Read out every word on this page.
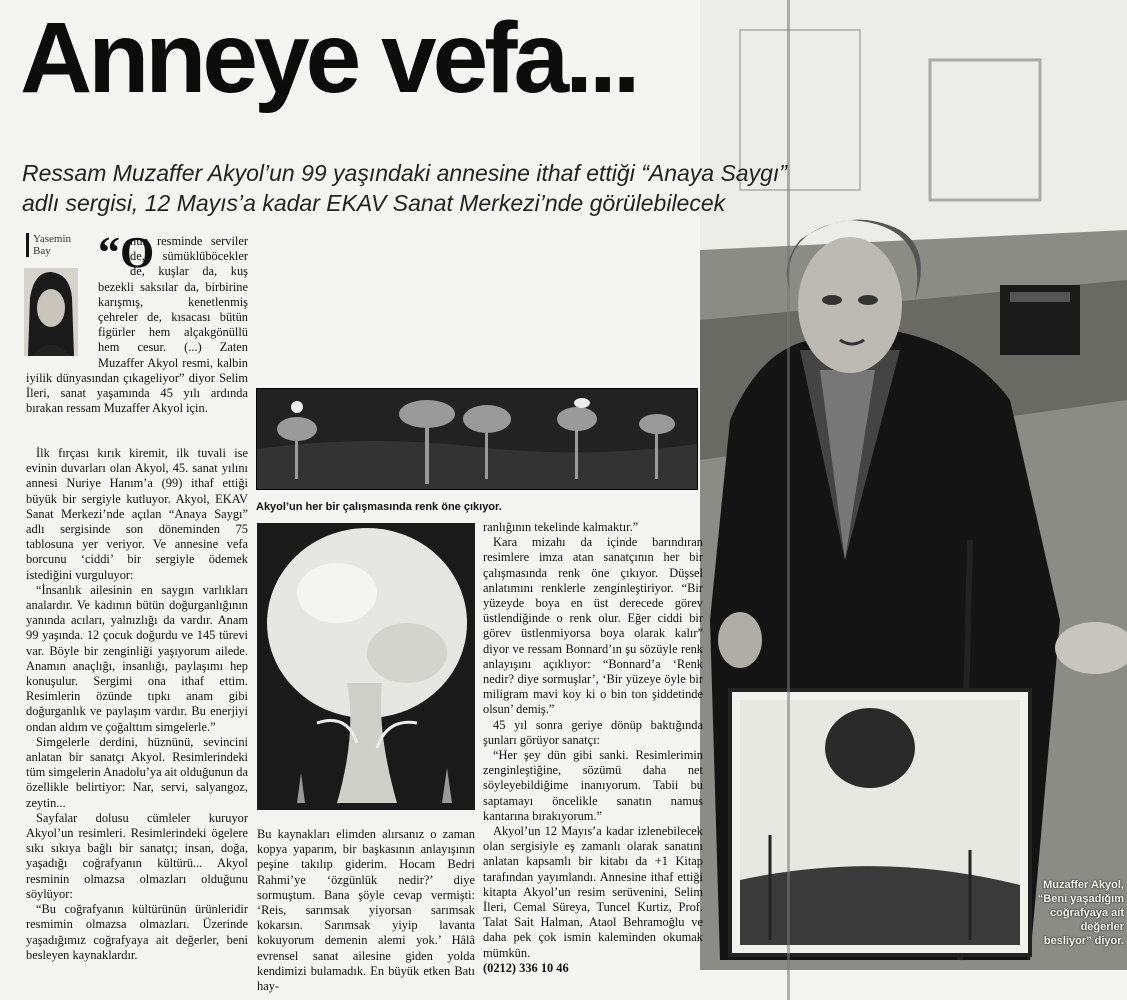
Anneye vefa...
Ressam Muzaffer Akyol’un 99 yaşındaki annesine ithaf ettiği “Anaya Saygı” adlı sergisi, 12 Mayıs’a kadar EKAV Sanat Merkezi’nde görülebilecek
Yasemin
Bay	“O

nun resminde serviler de, sümüklüböcekler de, kuşlar da, kuş bezekli saksılar da, birbirine karışmış, kenetlenmiş çehreler de, kısacası bütün figürler hem alçakgönüllü hem cesur. (...) Zaten Muzaffer Akyol resmi, kalbin iyilik dünyasından çıkageliyor” diyor Selim İleri, sanat yaşamında 45 yılı ardında bırakan ressam Muzaffer Akyol için.

İlk fırçası kırık kiremit, ilk tuvali ise evinin duvarları olan Akyol, 45. sanat yılını annesi Nuriye Hanım’a (99) ithaf ettiği büyük bir sergiyle kutluyor. Akyol, EKAV Sanat Merkezi’nde açılan “Anaya Saygı” adlı sergisinde son döneminden 75 tablosuna yer veriyor. Ve annesine vefa borcunu ‘ciddi’ bir sergiyle ödemek istediğini vurguluyor:

“İnsanlık ailesinin en saygın varlıkları analardır. Ve kadının bütün doğurganlığının yanında acıları, yalnızlığı da vardır. Anam 99 yaşında. 12 çocuk doğurdu ve 145 türevi var. Böyle bir zenginliği yaşıyorum ailede. Anamın anaçlığı, insanlığı, paylaşımı hep konuşulur. Sergimi ona ithaf ettim. Resimlerin özünde tıpkı anam gibi doğurganlık ve paylaşım vardır. Bu enerjiyi ondan aldım ve çoğalttım simgelerle.”

Simgelerle derdini, hüznünü, sevincini anlatan bir sanatçı Akyol. Resimlerindeki tüm simgelerin Anadolu’ya ait olduğunun da özellikle belirtiyor: Nar, servi, salyangoz, zeytin...

Sayfalar dolusu cümleler kuruyor Akyol’un resimleri. Resimlerindeki ögelere sıkı sıkıya bağlı bir sanatçı; insan, doğa, yaşadığı coğrafyanın kültürü... Akyol resminin olmazsa olmazları olduğunu söylüyor:

“Bu coğrafyanın kültürünün ürünleridir resmimin olmazsa olmazları. Üzerinde yaşadığımız coğrafyaya ait değerler, beni besleyen kaynaklardır.

Akyol’un her bir çalışmasında renk öne çıkıyor.

Bu kaynakları elimden alırsanız o zaman kopya yaparım, bir başkasının anlayışının peşine takılıp giderim. Hocam Bedri Rahmi’ye ‘özgünlük nedir?’ diye sormuştum. Bana şöyle cevap vermişti: ‘Reis, sarımsak yiyorsan sarımsak kokarsın. Sarımsak yiyip lavanta kokuyorum demenin alemi yok.’ Hâlâ evrensel sanat ailesine giden yolda kendimizi bulamadık. En büyük etken Batı hay-

ranlığının tekelinde kalmaktır.”

Kara mizahı da içinde barındıran resimlere imza atan sanatçının her bir çalışmasında renk öne çıkıyor. Düşsel anlatımını renklerle zenginleştiriyor. “Bir yüzeyde boya en üst derecede görev üstlendiğinde o renk olur. Eğer ciddi bir görev üstlenmiyorsa boya olarak kalır” diyor ve ressam Bonnard’ın şu sözüyle renk anlayışını açıklıyor: “Bonnard’a ‘Renk nedir? diye sormuşlar’, ‘Bir yüzeye öyle bir miligram mavi koy ki o bin ton şiddetinde olsun’ demiş.”

45 yıl sonra geriye dönüp baktığında şunları görüyor sanatçı:

“Her şey dün gibi sanki. Resimlerimin zenginleştiğine, sözümü daha net söyleyebildiğime inanıyorum. Tabii bu saptamayı öncelikle sanatın namus kantarına bırakıyorum.”

Akyol’un 12 Mayıs’a kadar izlenebilecek olan sergisiyle eş zamanlı olarak sanatını anlatan kapsamlı bir kitabı da +1 Kitap tarafından yayımlandı. Annesine ithaf ettiği kitapta Akyol’un resim serüvenini, Selim İleri, Cemal Süreya, Tuncel Kurtiz, Prof. Talat Sait Halman, Ataol Behramoğlu ve daha pek çok ismin kaleminden okumak mümkün.

(0212) 336 10 46

Muzaffer Akyol,
“Beni yaşadığım
coğrafyaya ait
değerler
besliyor” diyor.
